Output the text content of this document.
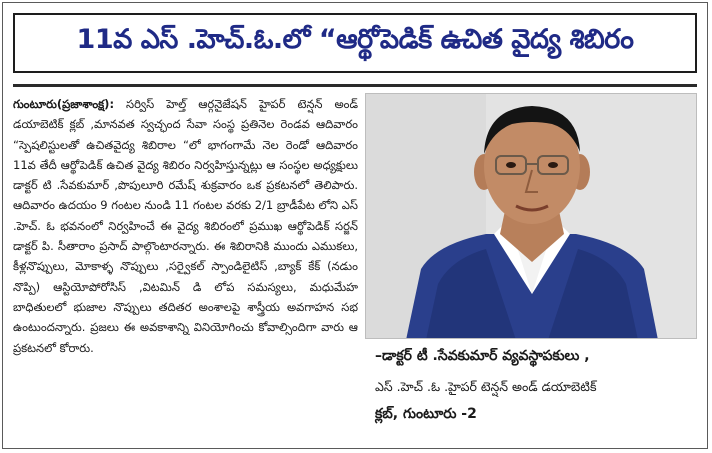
11వ ఎస్ .హెచ్.ఓ.లో “ఆర్థోపెడిక్ ఉచిత వైద్య శిబిరం
గుంటూరు(ప్రజాశాంక్ష): సర్విస్ హెల్త్ ఆర్గనైజేషన్ హైపర్ టెన్షన్ అండ్ డయాబెటిక్ క్లబ్ ,మానవత స్వచ్ఛంద సేవా సంస్థ ప్రతినెల రెండవ ఆదివారం “స్పెషలిస్టులతో ఉచితవైద్య శిబిరాల “లో భాగంగామే నెల రెండో ఆదివారం 11వ తేదీ ఆర్థోపెడిక్ ఉచిత వైద్య శిబిరం నిర్వహిస్తున్నట్లు ఆ సంస్థల అధ్యక్షులు డాక్టర్ టి .సేవకుమార్ ,పొపులూరి రమేష్ శుక్రవారం ఒక ప్రకటనలో తెలిపారు. ఆదివారం ఉదయం 9 గంటల నుండి 11 గంటల వరకు 2/1 బ్రాడీపేట లోని ఎస్ .హెచ్. ఓ భవనంలో నిర్వహించే ఈ వైద్య శిబిరంలో ప్రముఖ ఆర్థోపెడిక్ సర్జన్ డాక్టర్ పి. సీతారాం ప్రసాద్ పాల్గొంటారన్నారు. ఈ శిబిరానికి ముందు ఎముకలు, కీళ్లనొప్పులు, మోకాళ్ళ నొప్పులు ,సర్వైకల్ స్పాండిలైటిస్ ,బ్యాక్ కేక్ (నడుం నొప్పి) ఆస్టియోపోరోసిస్ ,విటమిన్ డి లోప సమస్యలు, మధుమేహ బాధితులలో భుజాల నొప్పులు తదితర అంశాలపై శాస్త్రీయ అవగాహన సభ ఉంటుందన్నారు. ప్రజలు ఈ అవకాశాన్ని వినియోగించు కోవాల్సిందిగా వారు ఆ ప్రకటనలో కోరారు.
–డాక్టర్ టీ .సేవకుమార్ వ్యవస్థాపకులు ,
ఎస్ .హెచ్ .ఓ .హైపర్ టెన్షన్ అండ్ డయాబెటిక్
క్లబ్, గుంటూరు -2
